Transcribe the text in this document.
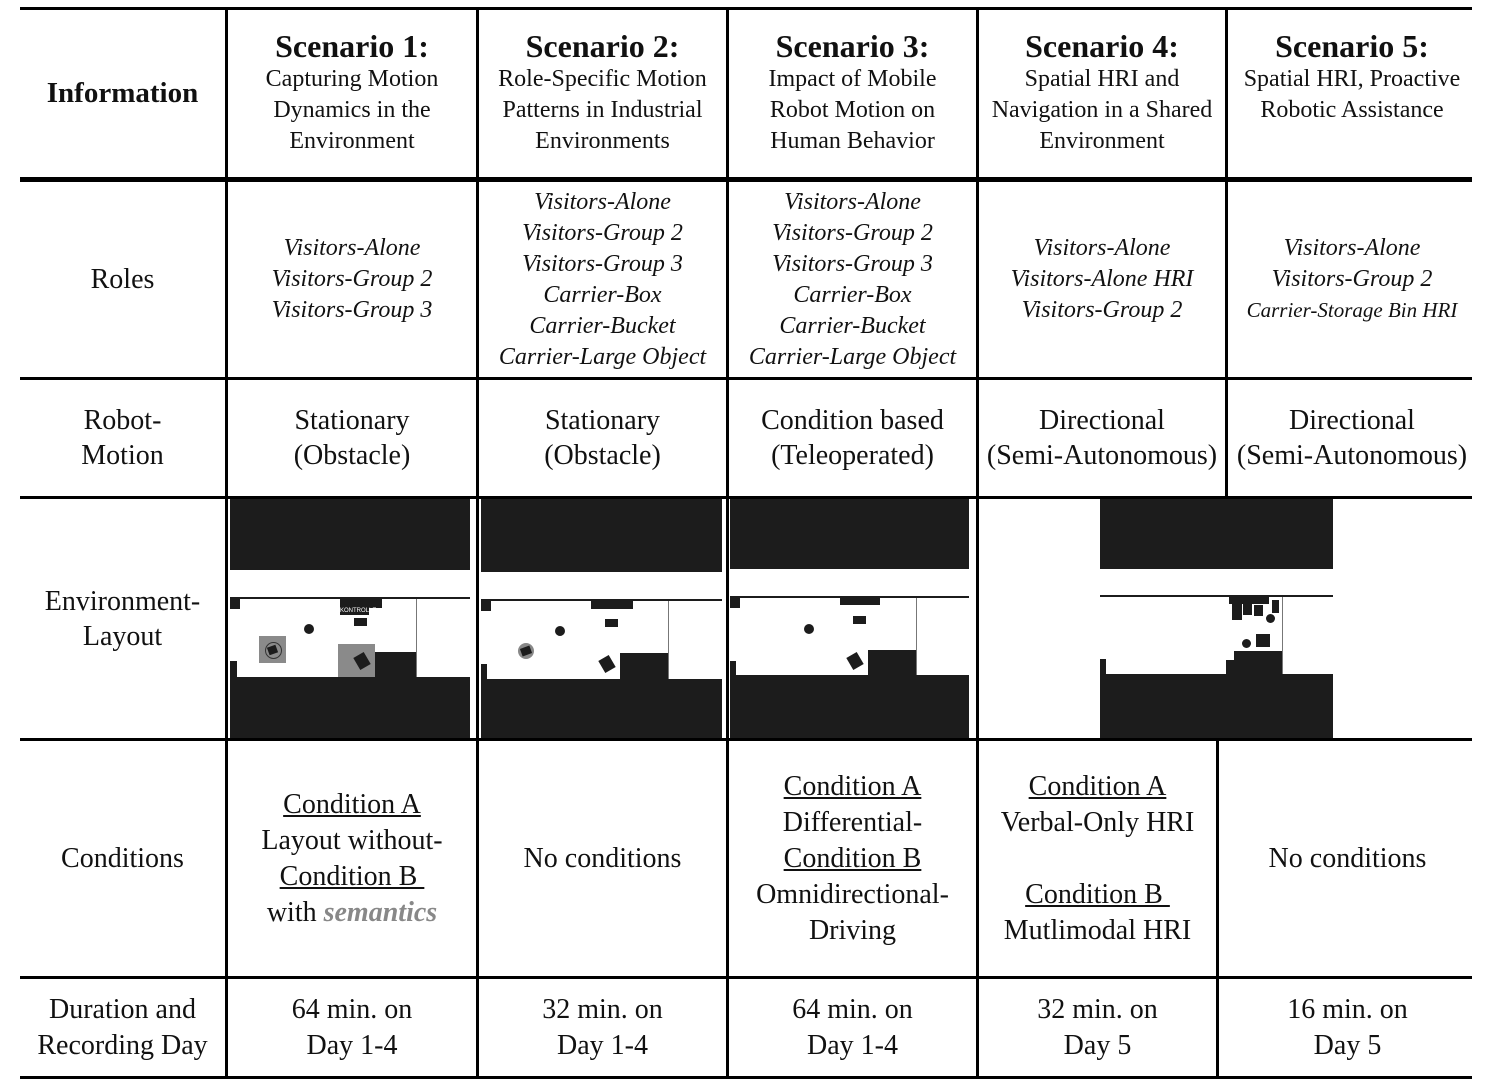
Information
Scenario 1:
Capturing Motion
Dynamics in the
Environment
Scenario 2:
Role-Specific Motion
Patterns in Industrial
Environments
Scenario 3:
Impact of Mobile
Robot Motion on
Human Behavior
Scenario 4:
Spatial HRI and
Navigation in a Shared
Environment
Scenario 5:
Spatial HRI, Proactive
Robotic Assistance
Roles
Visitors-Alone
Visitors-Group 2
Visitors-Group 3
Visitors-Alone
Visitors-Group 2
Visitors-Group 3
Carrier-Box
Carrier-Bucket
Carrier-Large Object
Visitors-Alone
Visitors-Group 2
Visitors-Group 3
Carrier-Box
Carrier-Bucket
Carrier-Large Object
Visitors-Alone
Visitors-Alone HRI
Visitors-Group 2
Visitors-Alone
Visitors-Group 2
Carrier-Storage Bin HRI
Robot-
Motion
Stationary
(Obstacle)
Stationary
(Obstacle)
Condition based
(Teleoperated)
Directional
(Semi-Autonomous)
Directional
(Semi-Autonomous)
Environment-
Layout
KONTROLLE
Conditions
Condition A
Layout without-
Condition B
with semantics
No conditions
Condition A
Differential-
Condition B
Omnidirectional-
Driving
Condition A
Verbal-Only HRI
Condition B
Mutlimodal HRI
No conditions
Duration and
Recording Day
64 min. on
Day 1-4
32 min. on
Day 1-4
64 min. on
Day 1-4
32 min. on
Day 5
16 min. on
Day 5
